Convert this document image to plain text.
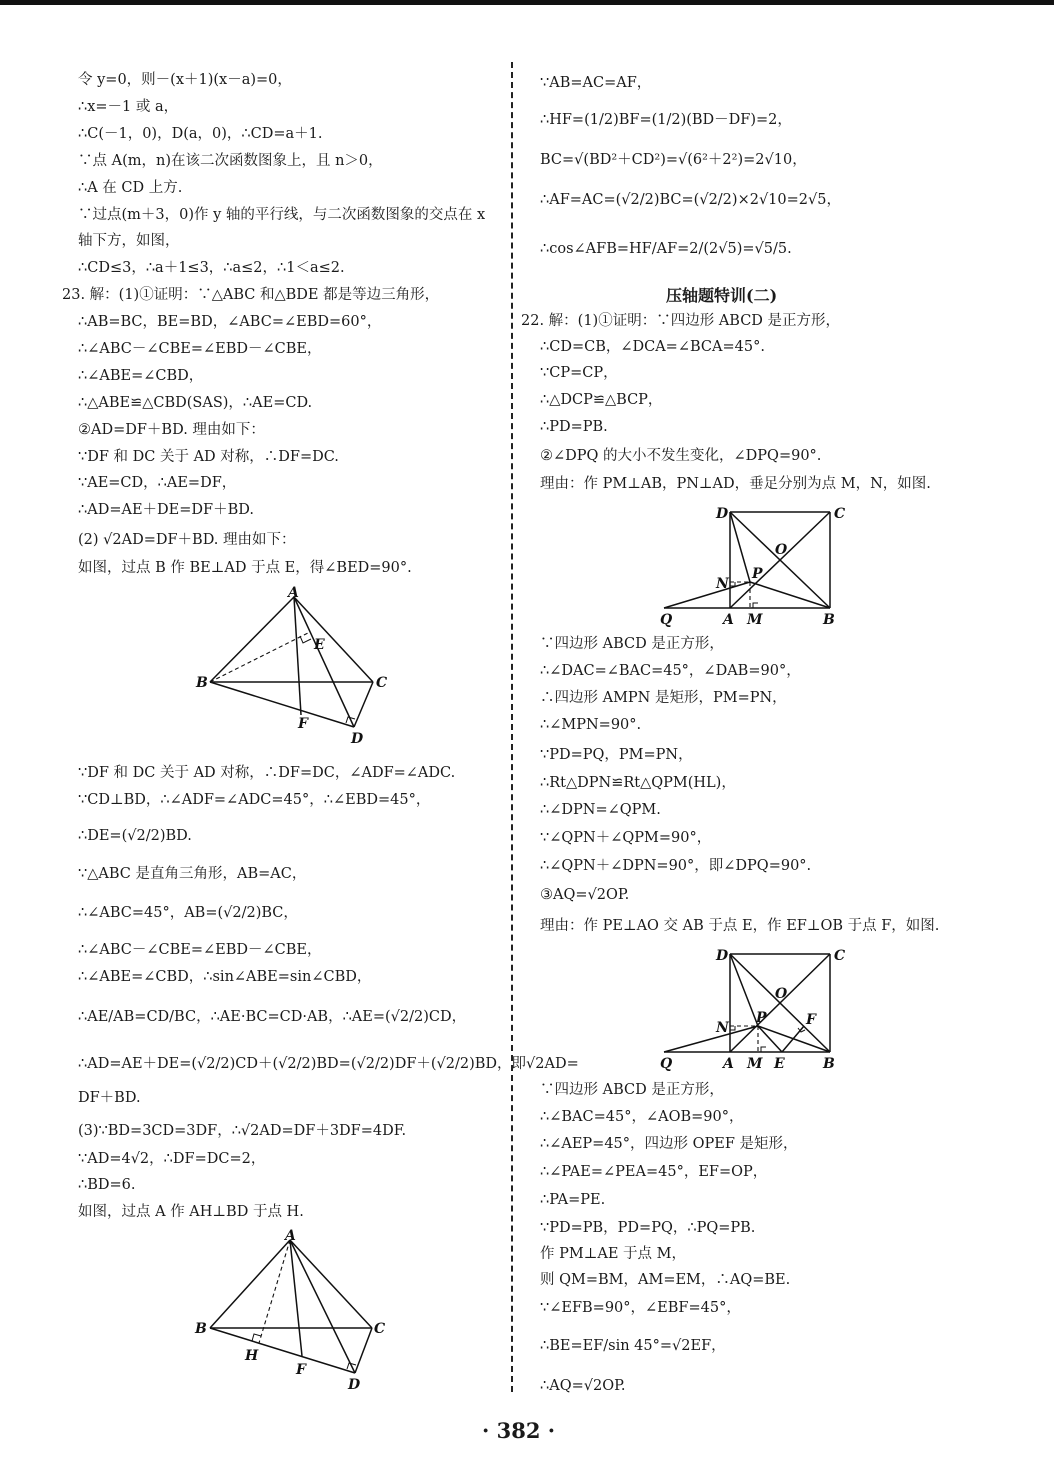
令 y=0，则－(x＋1)(x－a)=0，
∴x=－1 或 a，
∴C(－1，0)，D(a，0)，∴CD=a＋1.
∵点 A(m，n)在该二次函数图象上，且 n＞0，
∴A 在 CD 上方.
∵过点(m＋3，0)作 y 轴的平行线，与二次函数图象的交点在 x
轴下方，如图，
∴CD≤3，∴a＋1≤3，∴a≤2，∴1＜a≤2.
23. 解：(1)①证明：∵△ABC 和△BDE 都是等边三角形，
∴AB=BC，BE=BD，∠ABC=∠EBD=60°，
∴∠ABC－∠CBE=∠EBD－∠CBE，
∴∠ABE=∠CBD，
∴△ABE≌△CBD(SAS)，∴AE=CD.
②AD=DF＋BD. 理由如下：
∵DF 和 DC 关于 AD 对称，∴DF=DC.
∵AE=CD，∴AE=DF，
∴AD=AE＋DE=DF＋BD.
(2) √2AD=DF＋BD. 理由如下：
如图，过点 B 作 BE⊥AD 于点 E，得∠BED=90°.
∵DF 和 DC 关于 AD 对称，∴DF=DC，∠ADF=∠ADC.
∵CD⊥BD，∴∠ADF=∠ADC=45°，∴∠EBD=45°，
∴DE=(√2/2)BD.
∵△ABC 是直角三角形，AB=AC，
∴∠ABC=45°，AB=(√2/2)BC，
∴∠ABC－∠CBE=∠EBD－∠CBE，
∴∠ABE=∠CBD，∴sin∠ABE=sin∠CBD，
∴AE/AB=CD/BC，∴AE·BC=CD·AB，∴AE=(√2/2)CD，
∴AD=AE＋DE=(√2/2)CD＋(√2/2)BD=(√2/2)DF＋(√2/2)BD，即√2AD=
DF＋BD.
(3)∵BD=3CD=3DF，∴√2AD=DF＋3DF=4DF.
∵AD=4√2，∴DF=DC=2，
∴BD=6.
如图，过点 A 作 AH⊥BD 于点 H.
A
E
B	C
F
D
A
B	C
H
F
D
∵AB=AC=AF，
∴HF=(1/2)BF=(1/2)(BD－DF)=2，
BC=√(BD²＋CD²)=√(6²＋2²)=2√10，
∴AF=AC=(√2/2)BC=(√2/2)×2√10=2√5，
∴cos∠AFB=HF/AF=2/(2√5)=√5/5.
压轴题特训(二)
22. 解：(1)①证明：∵四边形 ABCD 是正方形，
∴CD=CB，∠DCA=∠BCA=45°.
∵CP=CP，
∴△DCP≌△BCP，
∴PD=PB.
②∠DPQ 的大小不发生变化，∠DPQ=90°.
理由：作 PM⊥AB，PN⊥AD，垂足分别为点 M，N，如图.
∵四边形 ABCD 是正方形，
∴∠DAC=∠BAC=45°，∠DAB=90°，
∴四边形 AMPN 是矩形，PM=PN，
∴∠MPN=90°.
∵PD=PQ，PM=PN，
∴Rt△DPN≌Rt△QPM(HL)，
∴∠DPN=∠QPM.
∵∠QPN＋∠QPM=90°，
∴∠QPN＋∠DPN=90°，即∠DPQ=90°.
③AQ=√2OP.
理由：作 PE⊥AO 交 AB 于点 E，作 EF⊥OB 于点 F，如图.
∵四边形 ABCD 是正方形，
∴∠BAC=45°，∠AOB=90°，
∴∠AEP=45°，四边形 OPEF 是矩形，
∴∠PAE=∠PEA=45°，EF=OP，
∴PA=PE.
∵PD=PB，PD=PQ，∴PQ=PB.
作 PM⊥AE 于点 M，
则 QM=BM，AM=EM，∴AQ=BE.
∵∠EFB=90°，∠EBF=45°，
∴BE=EF/sin 45°=√2EF，
∴AQ=√2OP.
D	C
O
N
P
Q	A M	B
D	C
O
N
P	F
Q	A M E	B
· 382 ·
